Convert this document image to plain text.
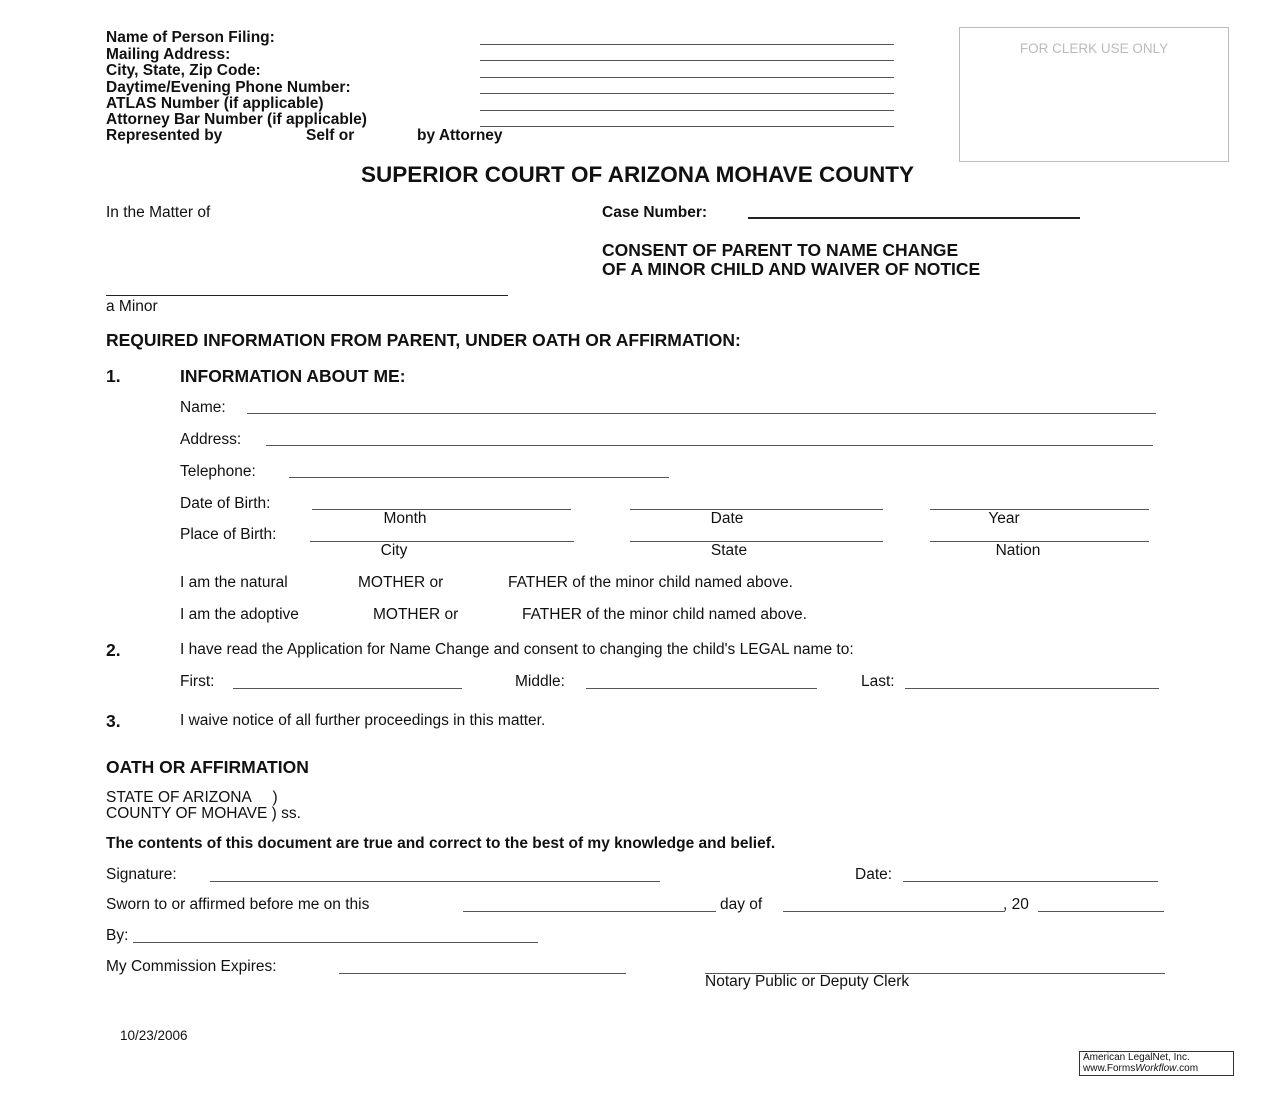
Name of Person Filing:
Mailing Address:
City, State, Zip Code:
Daytime/Evening Phone Number:
ATLAS Number (if applicable)
Attorney Bar Number (if applicable)
Represented by	Self or	by Attorney
FOR CLERK USE ONLY
SUPERIOR COURT OF ARIZONA MOHAVE COUNTY
In the Matter of
a Minor
Case Number:
CONSENT OF PARENT TO NAME CHANGE
OF A MINOR CHILD AND WAIVER OF NOTICE
REQUIRED INFORMATION FROM PARENT, UNDER OATH OR AFFIRMATION:
1.	INFORMATION ABOUT ME:
Name:
Address:
Telephone:
Date of Birth:
Month	Date	Year
Place of Birth:
City	State	Nation
I am the natural	MOTHER or	FATHER of the minor child named above.
I am the adoptive	MOTHER or	FATHER of the minor child named above.
2.	I have read the Application for Name Change and consent to changing the child's LEGAL name to:
First:	Middle:	Last:
3.	I waive notice of all further proceedings in this matter.
OATH OR AFFIRMATION
STATE OF ARIZONA     )
COUNTY OF MOHAVE ) ss.
The contents of this document are true and correct to the best of my knowledge and belief.
Signature:	Date:
Sworn to or affirmed before me on this	day of	, 20
By:
My Commission Expires:
Notary Public or Deputy Clerk
10/23/2006
American LegalNet, Inc.
www.FormsWorkflow.com
